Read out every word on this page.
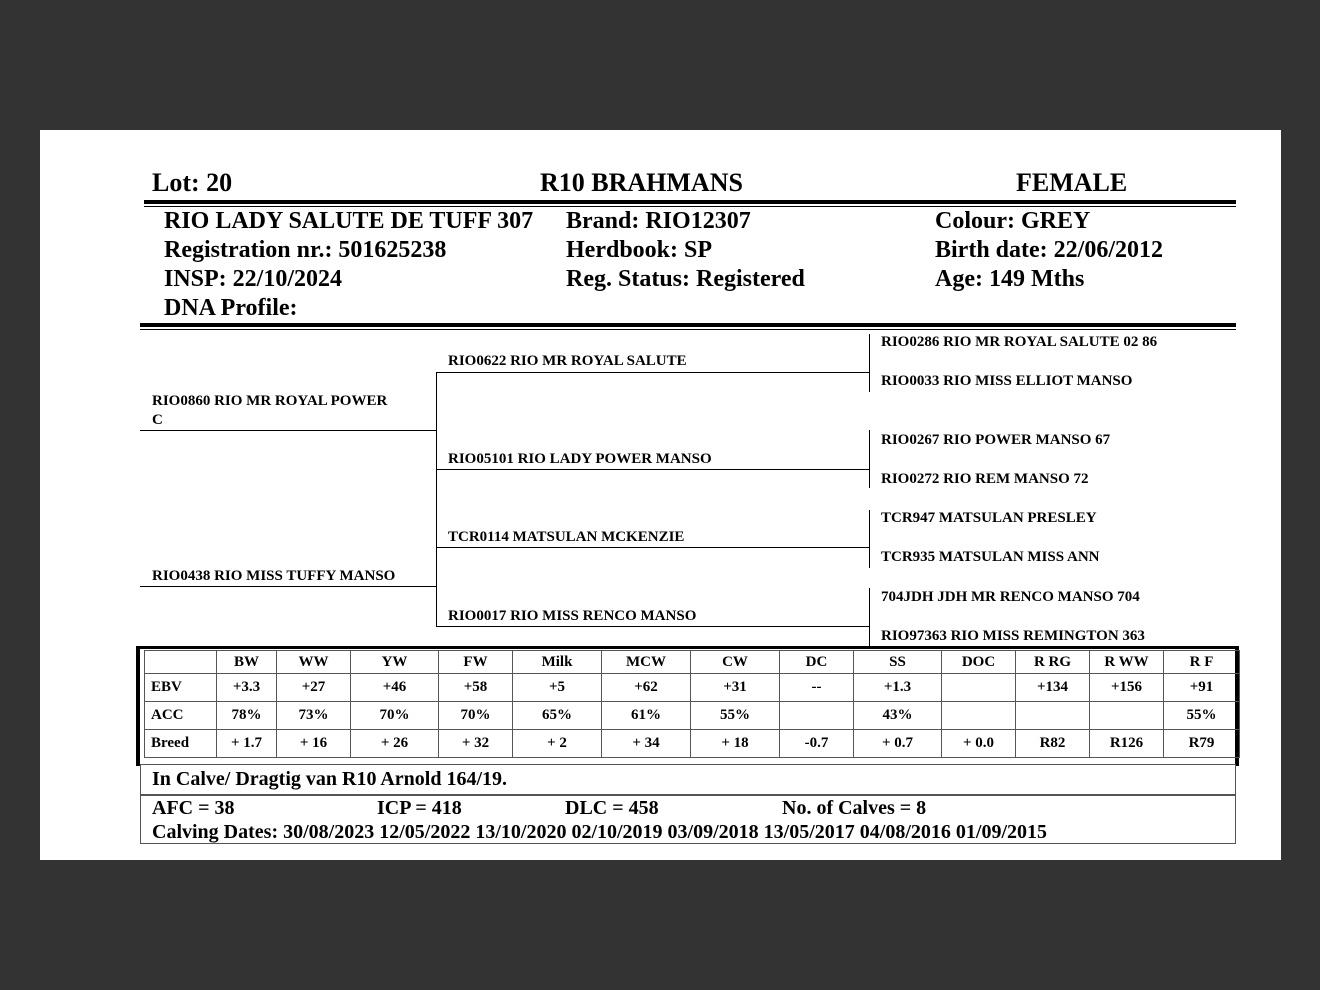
Lot: 20	R10 BRAHMANS	FEMALE
RIO LADY SALUTE DE TUFF 307
Registration nr.: 501625238
INSP: 22/10/2024
DNA Profile:
Brand: RIO12307
Herdbook: SP
Reg. Status: Registered
Colour: GREY
Birth date: 22/06/2012
Age: 149 Mths
RIO0860 RIO MR ROYAL POWER
C
RIO0438 RIO MISS TUFFY MANSO
RIO0622 RIO MR ROYAL SALUTE
RIO05101 RIO LADY POWER MANSO
TCR0114 MATSULAN MCKENZIE
RIO0017 RIO MISS RENCO MANSO
RIO0286 RIO MR ROYAL SALUTE 02 86
RIO0033 RIO MISS ELLIOT MANSO
RIO0267 RIO POWER MANSO 67
RIO0272 RIO REM MANSO 72
TCR947 MATSULAN PRESLEY
TCR935 MATSULAN MISS ANN
704JDH JDH MR RENCO MANSO 704
RIO97363 RIO MISS REMINGTON 363
	BW	WW	YW	FW	Milk	MCW	CW	DC	SS	DOC	R RG	R WW	R F
EBV	+3.3	+27	+46	+58	+5	+62	+31	--	+1.3		+134	+156	+91
ACC	78%	73%	70%	70%	65%	61%	55%		43%				55%
Breed	+ 1.7	+ 16	+ 26	+ 32	+ 2	+ 34	+ 18	-0.7	+ 0.7	+ 0.0	R82	R126	R79
In Calve/ Dragtig van R10 Arnold 164/19.
AFC = 38	ICP = 418	DLC = 458	No. of Calves = 8
Calving Dates: 30/08/2023 12/05/2022 13/10/2020 02/10/2019 03/09/2018 13/05/2017 04/08/2016 01/09/2015
